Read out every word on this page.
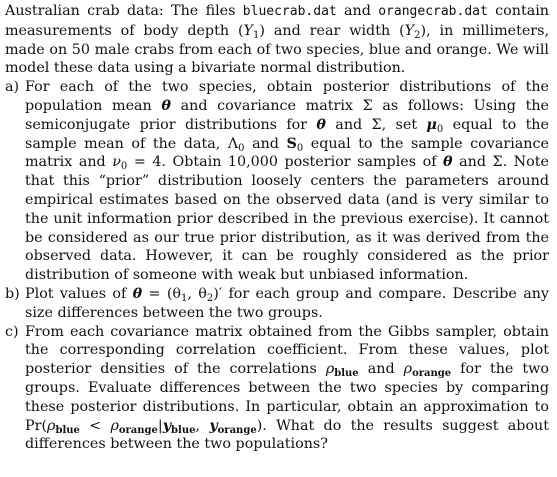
Australian crab data: The files bluecrab.dat and orangecrab.dat contain measurements of body depth $(Y_1)$ and rear width $(Y_2)$, in millimeters, made on 50 male crabs from each of two species, blue and orange. We will model these data using a bivariate normal distribution.

a) For each of the two species, obtain posterior distributions of the population mean θ and covariance matrix Σ as follows: Using the semiconjugate prior distributions for θ and Σ, set $\mu_0$ equal to the sample mean of the data, $\Lambda_0$ and $S_0$ equal to the sample covariance matrix and $\nu_0 = 4$. Obtain 10,000 posterior samples of θ and Σ. Note that this “prior” distribution loosely centers the parameters around empirical estimates based on the observed data (and is very similar to the unit information prior described in the previous exercise). It cannot be considered as our true prior distribution, as it was derived from the observed data. However, it can be roughly considered as the prior distribution of someone with weak but unbiased information.

b) Plot values of $\theta = (\theta_1$, $\theta_2)'$ for each group and compare. Describe any size differences between the two groups.

c) From each covariance matrix obtained from the Gibbs sampler, obtain the corresponding correlation coefficient. From these values, plot posterior densities of the correlations $\rho_{blue}$ and $\rho_{orange}$ for the two groups. Evaluate differences between the two species by comparing these posterior distributions. In particular, obtain an approximation to $Pr(\rho_{blue} < \rho_{orange}|y_{blue}$, $y_{orange}$). What do the results suggest about differences between the two populations?
